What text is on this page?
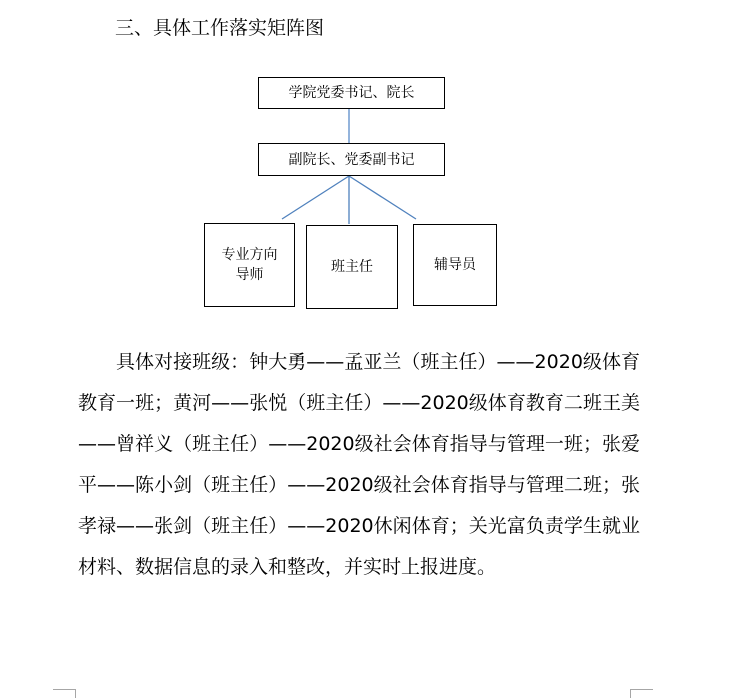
三、具体工作落实矩阵图
学院党委书记、院长
副院长、党委副书记
专业方向导师	班主任	辅导员

具体对接班级：钟大勇——孟亚兰（班主任）——2020级体育教育一班；黄河——张悦（班主任）——2020级体育教育二班王美——曾祥义（班主任）——2020级社会体育指导与管理一班；张爱平——陈小剑（班主任）——2020级社会体育指导与管理二班；张孝禄——张剑（班主任）——2020休闲体育；关光富负责学生就业材料、数据信息的录入和整改，并实时上报进度。
